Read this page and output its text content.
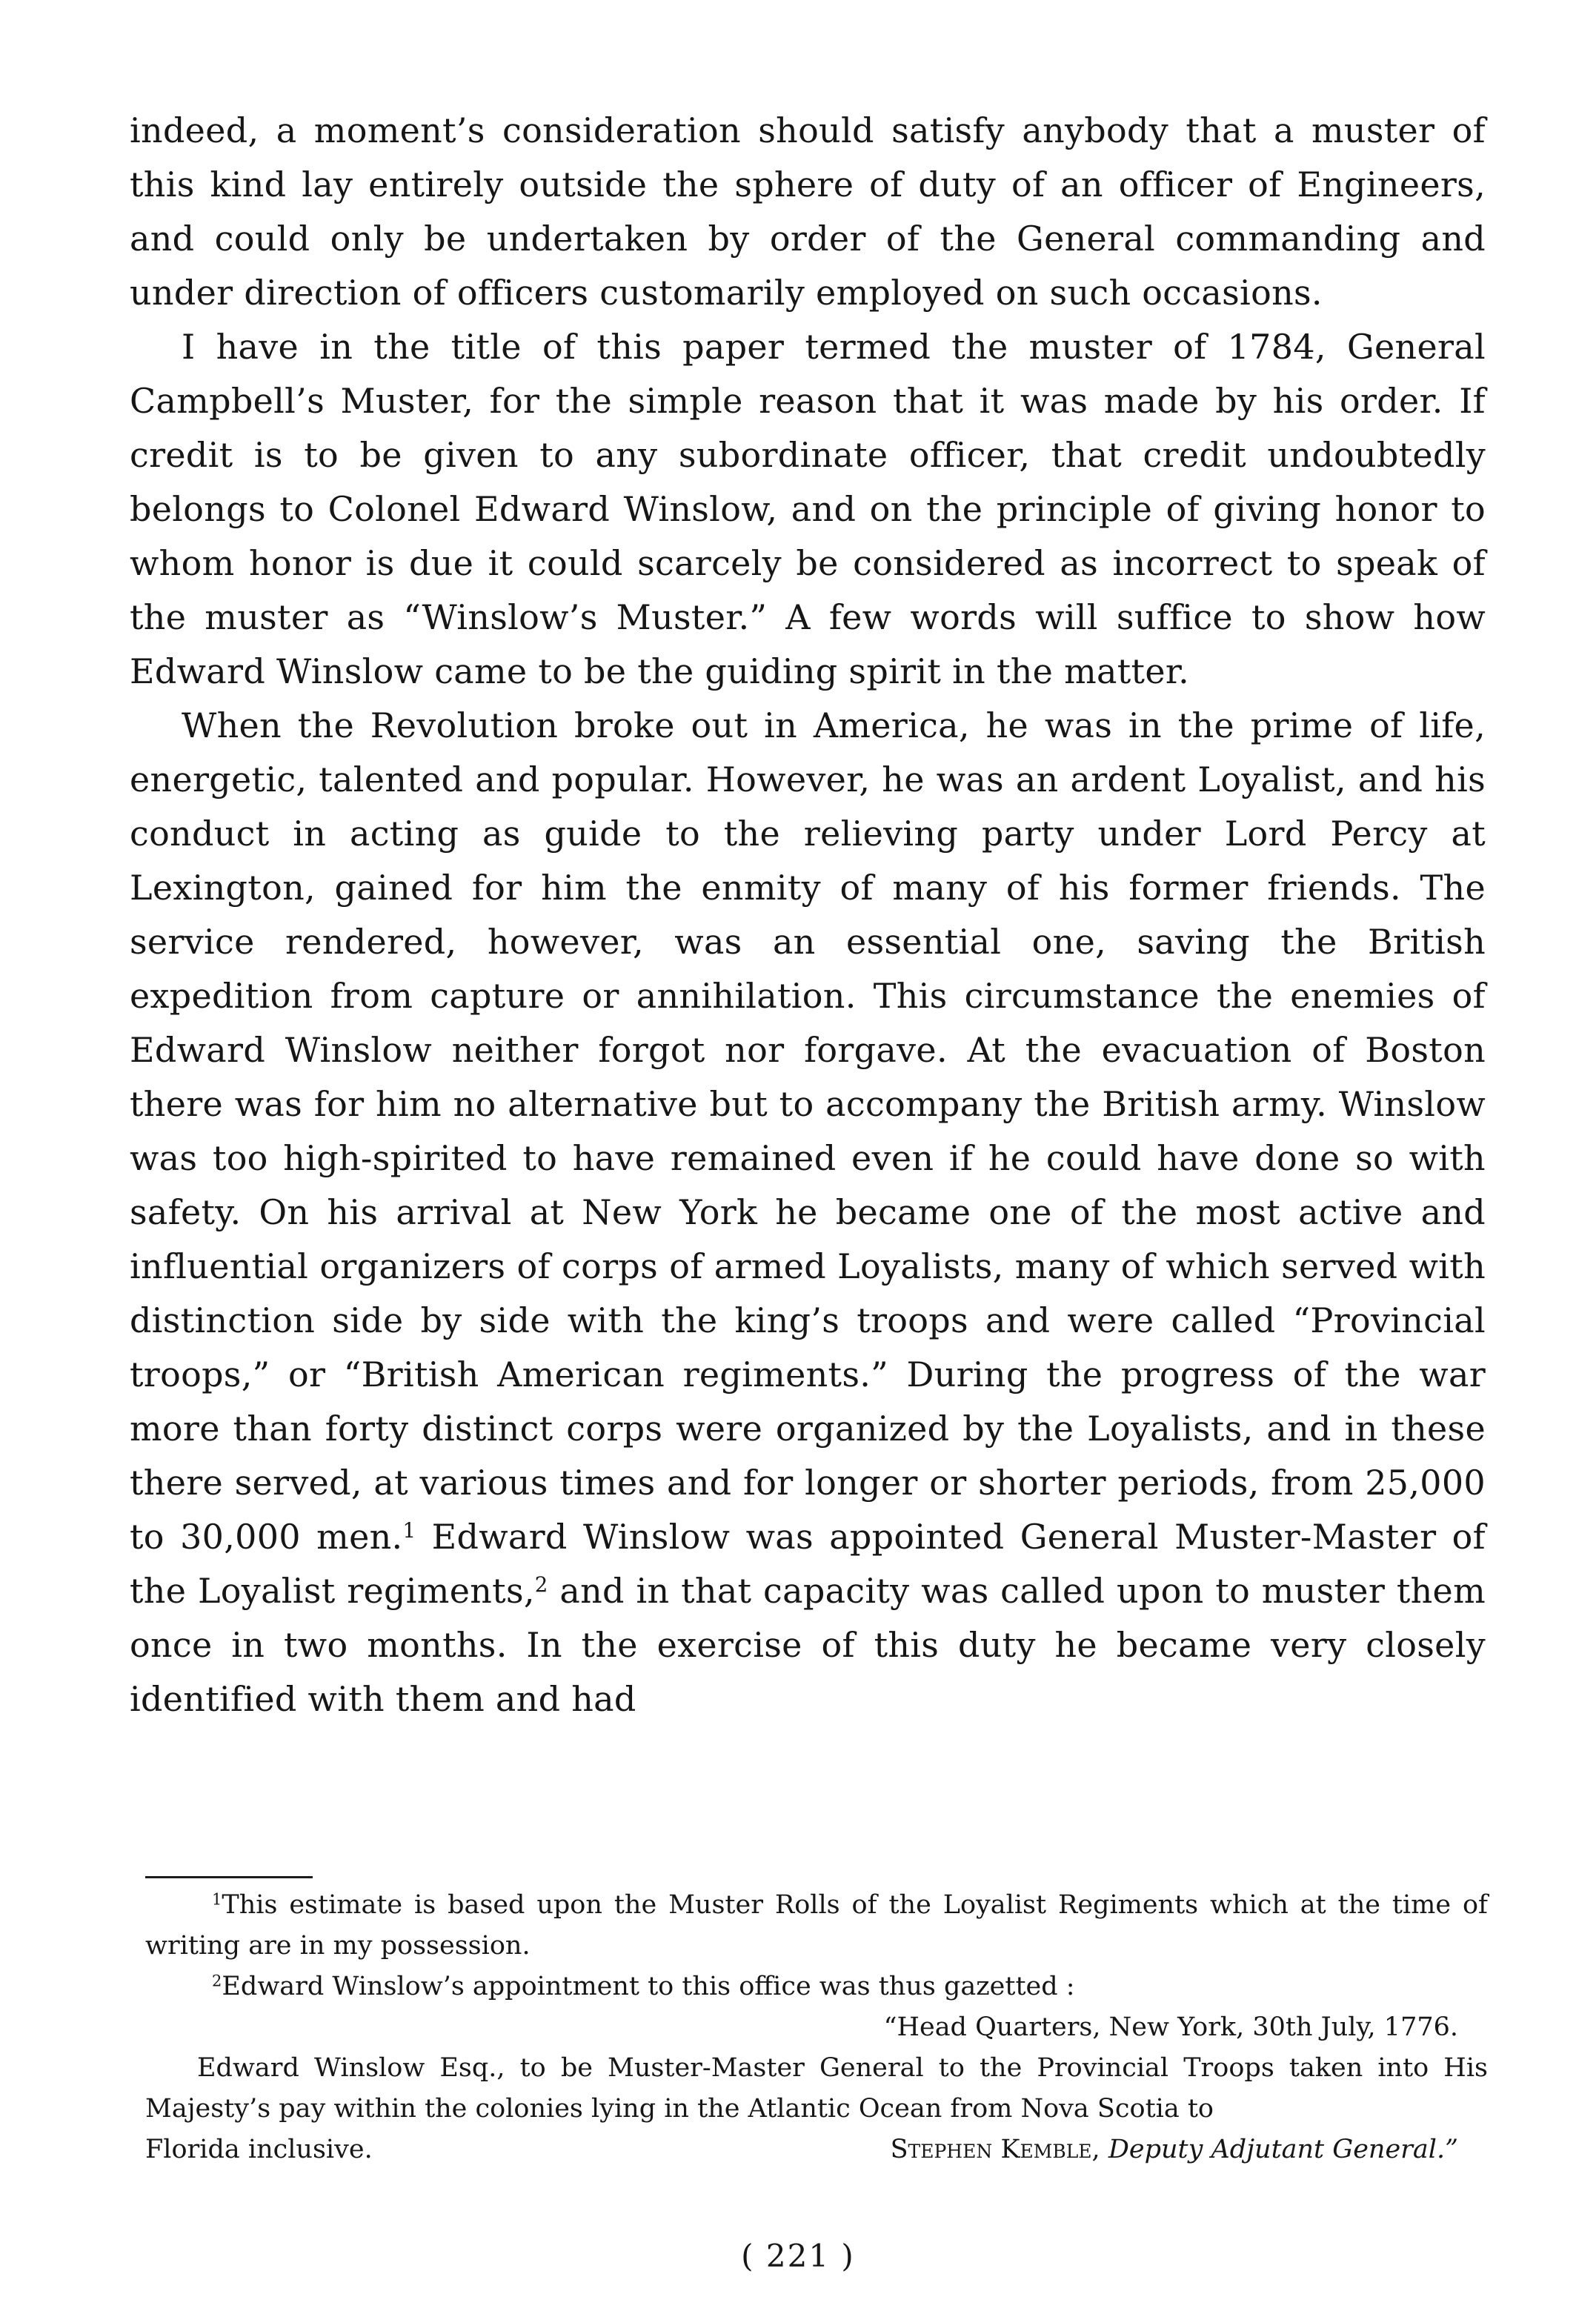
indeed, a moment’s consideration should satisfy anybody that a muster of this kind lay entirely outside the sphere of duty of an officer of Engineers, and could only be undertaken by order of the General commanding and under direction of officers customarily employed on such occasions.

I have in the title of this paper termed the muster of 1784, General Campbell’s Muster, for the simple reason that it was made by his order. If credit is to be given to any subordinate officer, that credit undoubtedly belongs to Colonel Edward Winslow, and on the principle of giving honor to whom honor is due it could scarcely be considered as incorrect to speak of the muster as “Winslow’s Muster.” A few words will suffice to show how Edward Winslow came to be the guiding spirit in the matter.

When the Revolution broke out in America, he was in the prime of life, energetic, talented and popular. However, he was an ardent Loyalist, and his conduct in acting as guide to the relieving party under Lord Percy at Lexington, gained for him the enmity of many of his former friends. The service rendered, however, was an essential one, saving the British expedition from capture or annihilation. This circumstance the enemies of Edward Winslow neither forgot nor forgave. At the evacuation of Boston there was for him no alternative but to accompany the British army. Winslow was too high-spirited to have remained even if he could have done so with safety. On his arrival at New York he became one of the most active and influential organizers of corps of armed Loyalists, many of which served with distinction side by side with the king’s troops and were called “Provincial troops,” or “British American regiments.” During the progress of the war more than forty distinct corps were organized by the Loyalists, and in these there served, at various times and for longer or shorter periods, from 25,000 to 30,000 men.$^1$ Edward Winslow was appointed General Muster-Master of the Loyalist regiments,$^2$ and in that capacity was called upon to muster them once in two months. In the exercise of this duty he became very closely identified with them and had

$^1$This estimate is based upon the Muster Rolls of the Loyalist Regiments which at the time of writing are in my possession.

$^2$Edward Winslow’s appointment to this office was thus gazetted :

“Head Quarters, New York, 30th July, 1776.

Edward Winslow Esq., to be Muster-Master General to the Provincial Troops taken into His Majesty’s pay within the colonies lying in the Atlantic Ocean from Nova Scotia to

Florida inclusive.	Stephen Kemble, Deputy Adjutant General.”
( 221 )
